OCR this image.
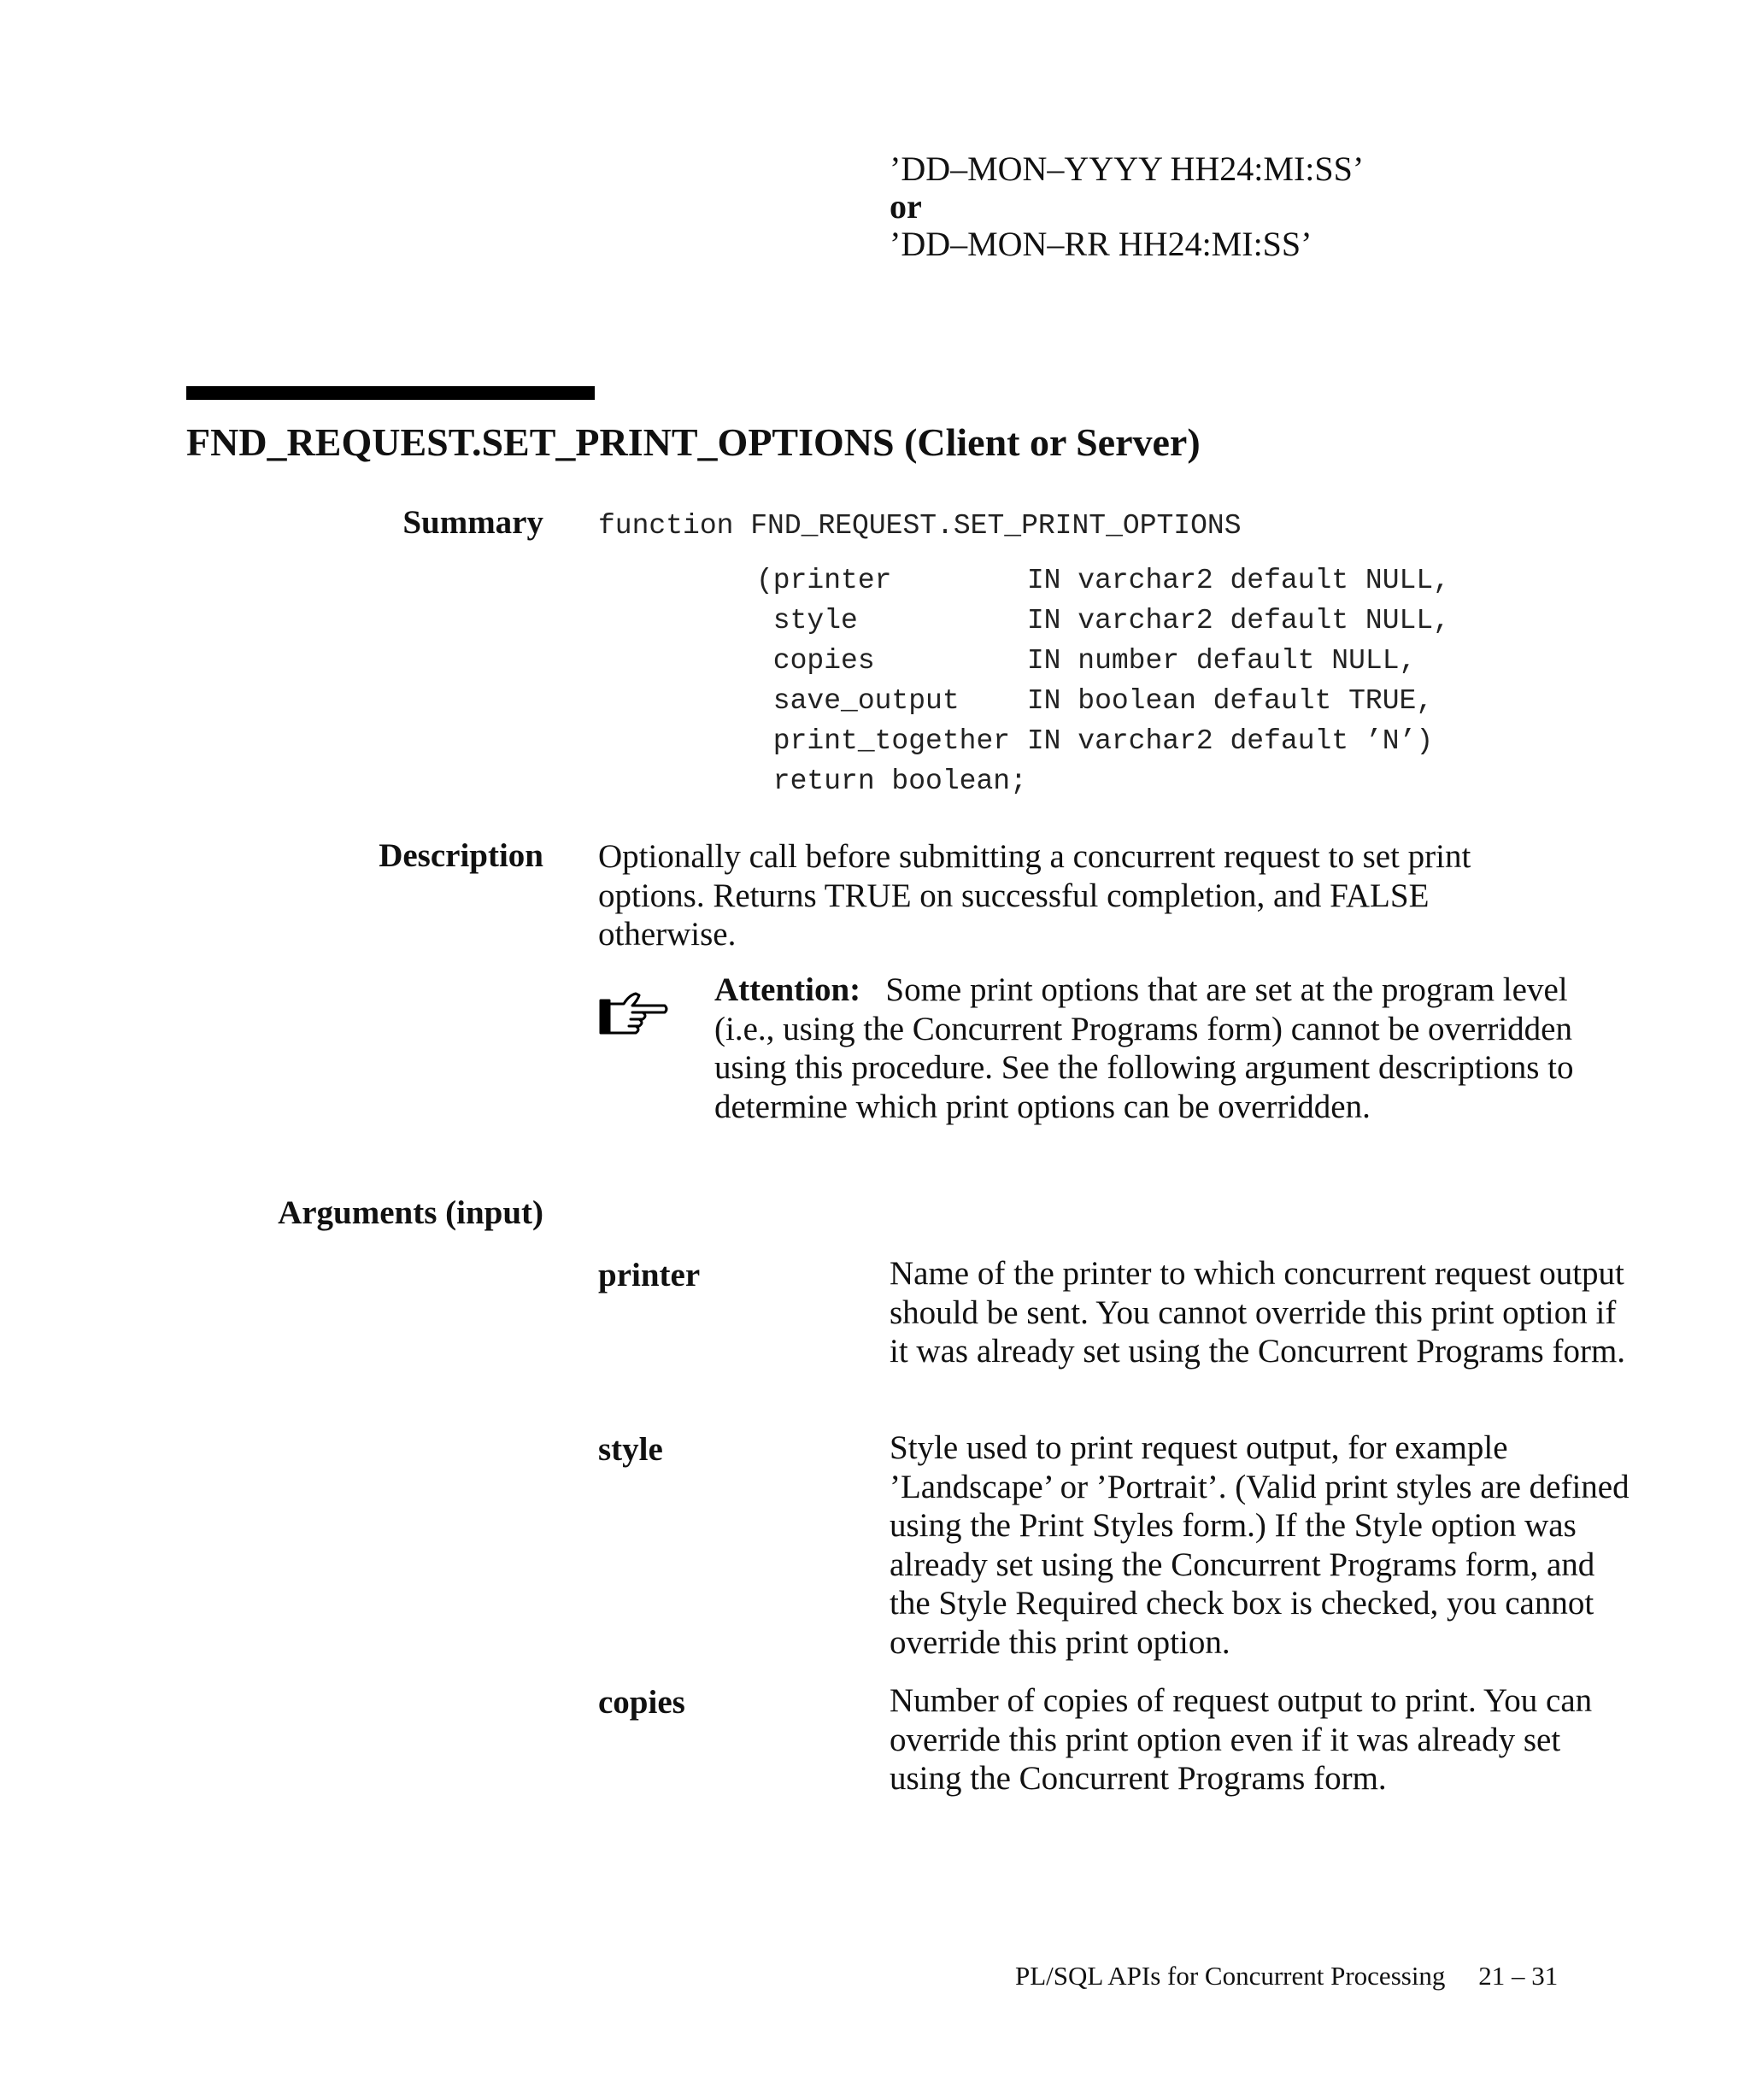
’DD–MON–YYYY HH24:MI:SS’
or
’DD–MON–RR HH24:MI:SS’
FND_REQUEST.SET_PRINT_OPTIONS (Client or Server)
Summary function FND_REQUEST.SET_PRINT_OPTIONS
(printer        IN varchar2 default NULL,
style          IN varchar2 default NULL,
copies         IN number default NULL,
save_output    IN boolean default TRUE,
print_together IN varchar2 default ’N’)
return boolean;
Description Optionally call before submitting a concurrent request to set print options. Returns TRUE on successful completion, and FALSE otherwise.
Attention: Some print options that are set at the program level (i.e., using the Concurrent Programs form) cannot be overridden using this procedure. See the following argument descriptions to determine which print options can be overridden.
Arguments (input)
printer	Name of the printer to which concurrent request output should be sent. You cannot override this print option if it was already set using the Concurrent Programs form.
style	Style used to print request output, for example ’Landscape’ or ’Portrait’. (Valid print styles are defined using the Print Styles form.) If the Style option was already set using the Concurrent Programs form, and the Style Required check box is checked, you cannot override this print option.
copies	Number of copies of request output to print. You can override this print option even if it was already set using the Concurrent Programs form.
PL/SQL APIs for Concurrent Processing 21 – 31
